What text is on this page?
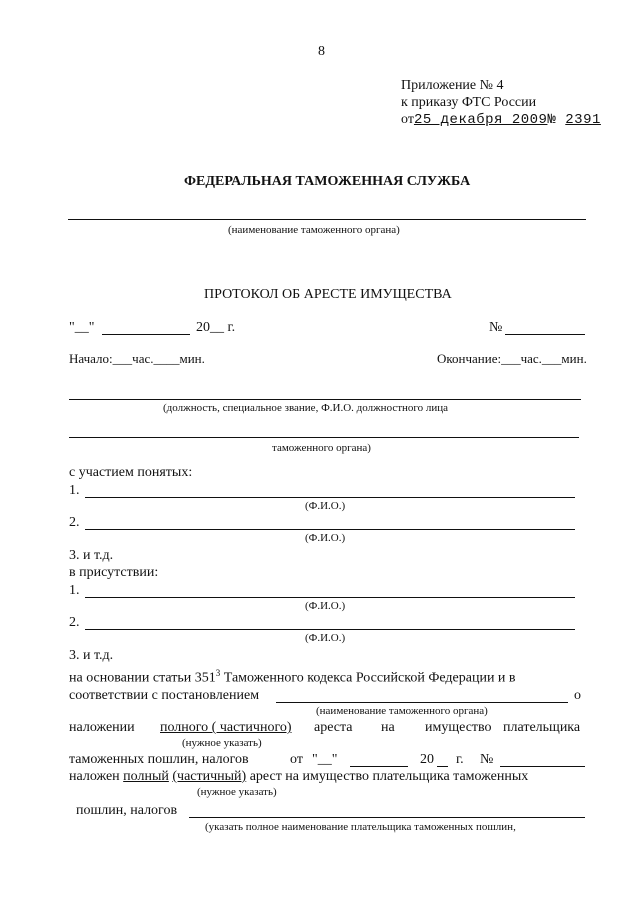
8
Приложение № 4
к приказу ФТС России
от25 декабря 2009№ 2391
ФЕДЕРАЛЬНАЯ ТАМОЖЕННАЯ СЛУЖБА
(наименование таможенного органа)
ПРОТОКОЛ ОБ АРЕСТЕ ИМУЩЕСТВА
"__"	20__ г.	№
Начало:___час.____мин.	Окончание:___час.___мин.
(должность, специальное звание, Ф.И.О. должностного лица
таможенного органа)
с участием понятых:
1.
(Ф.И.О.)
2.
(Ф.И.О.)
3. и т.д.
в присутствии:
1.
(Ф.И.О.)
2.
(Ф.И.О.)
3. и т.д.
на основании статьи $351^3$ Таможенного кодекса Российской Федерации и в
соответствии с постановлением	о
(наименование таможенного органа)
наложении полного ( частичного) ареста на имущество плательщика
(нужное указать)
таможенных пошлин, налогов	от "__"	20 г. №
наложен полный (частичный) арест на имущество плательщика таможенных
(нужное указать)
пошлин, налогов
(указать полное наименование плательщика таможенных пошлин,
